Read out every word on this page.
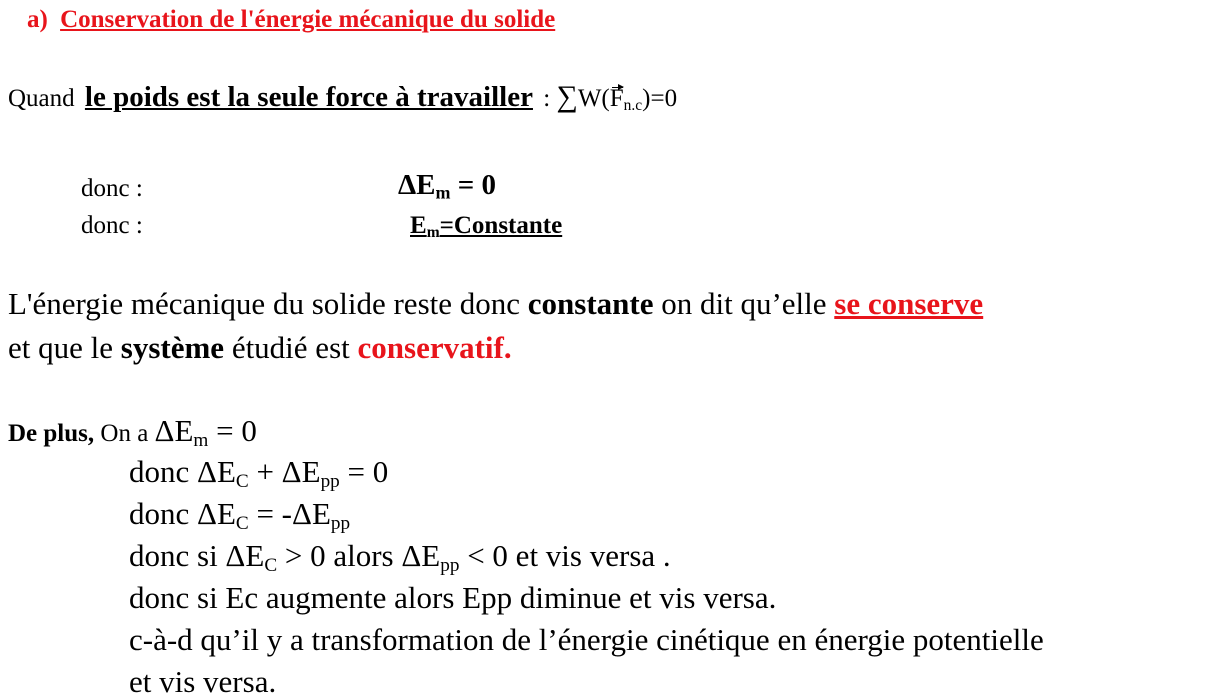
a) Conservation de l'énergie mécanique du solide
Quand le poids est la seule force à travailler : $\sum W(F_{n.c})=0$
donc :	$\Delta E_m = 0$
donc :	$E_m=Constante$
L'énergie mécanique du solide reste donc constante on dit qu’elle se conserve
et que le système étudié est conservatif.
De plus, On a $\Delta E_m = 0$
donc $\Delta E_C + \Delta E_{pp} = 0$
donc $\Delta E_C = -\Delta E_{pp}$
donc si $\Delta E_C > 0$ alors $\Delta E_{pp} < 0$ et vis versa .
donc si Ec augmente alors Epp diminue et vis versa.
c-à-d qu’il y a transformation de l’énergie cinétique en énergie potentielle
et vis versa.
